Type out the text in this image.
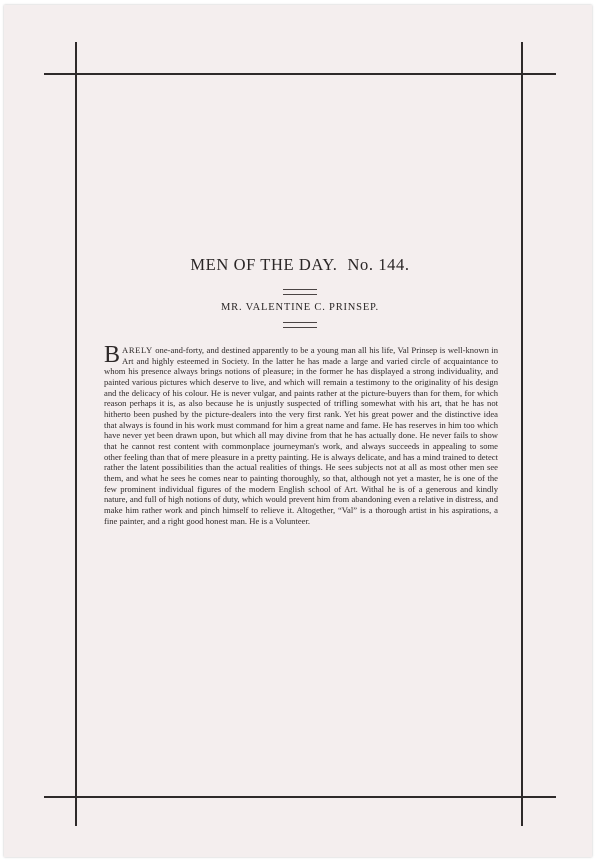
MEN OF THE DAY. No. 144.
MR. VALENTINE C. PRINSEP.

BARELY one-and-forty, and destined apparently to be a young man all his life, Val Prinsep is well-known in Art and highly esteemed in Society. In the latter he has made a large and varied circle of acquaintance to whom his presence always brings notions of pleasure; in the former he has displayed a strong individuality, and painted various pictures which deserve to live, and which will remain a testimony to the originality of his design and the delicacy of his colour. He is never vulgar, and paints rather at the picture-buyers than for them, for which reason perhaps it is, as also because he is unjustly suspected of trifling somewhat with his art, that he has not hitherto been pushed by the picture-dealers into the very first rank. Yet his great power and the distinctive idea that always is found in his work must command for him a great name and fame. He has reserves in him too which have never yet been drawn upon, but which all may divine from that he has actually done. He never fails to show that he cannot rest content with commonplace journeyman's work, and always succeeds in appealing to some other feeling than that of mere pleasure in a pretty painting. He is always delicate, and has a mind trained to detect rather the latent possibilities than the actual realities of things. He sees subjects not at all as most other men see them, and what he sees he comes near to painting thoroughly, so that, although not yet a master, he is one of the few prominent individual figures of the modern English school of Art. Withal he is of a generous and kindly nature, and full of high notions of duty, which would prevent him from abandoning even a relative in distress, and make him rather work and pinch himself to relieve it. Altogether, “Val” is a thorough artist in his aspirations, a fine painter, and a right good honest man. He is a Volunteer.
